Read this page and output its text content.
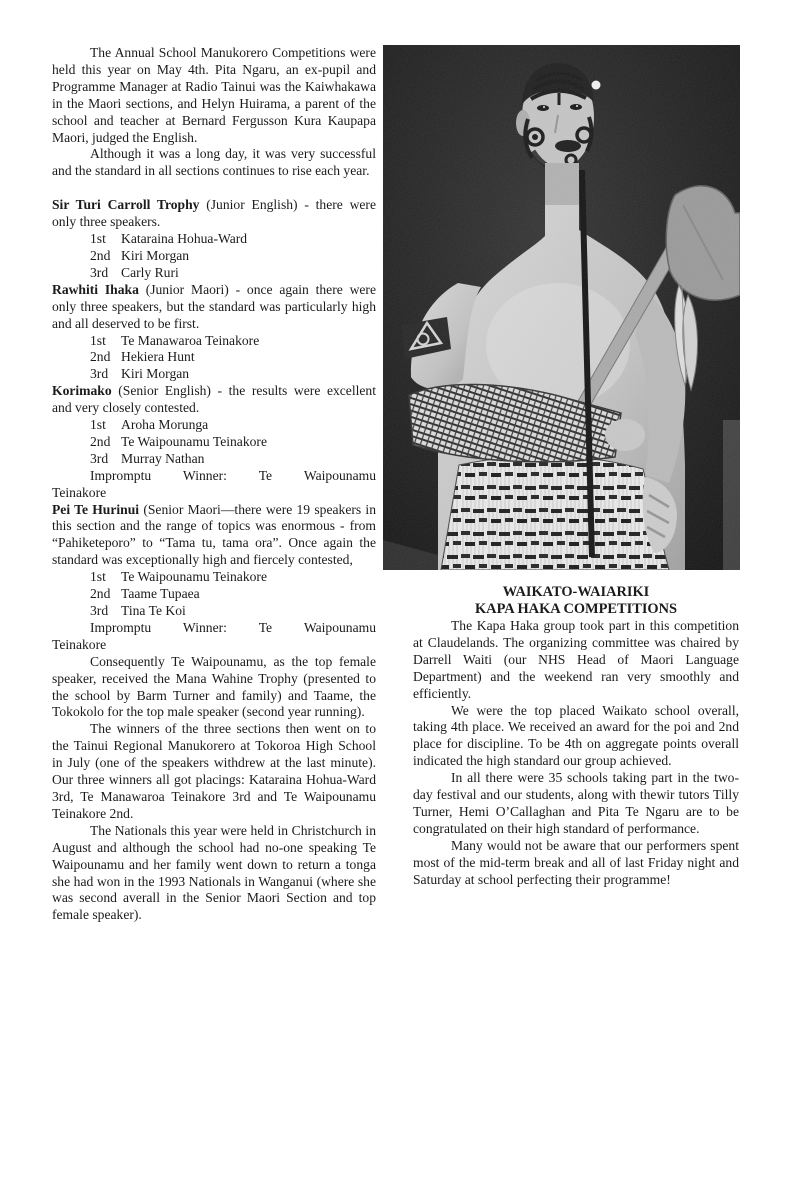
The Annual School Manukorero Competitions were held this year on May 4th. Pita Ngaru, an ex-pupil and Programme Manager at Radio Tainui was the Kaiwhakawa in the Maori sections, and Helyn Huirama, a parent of the school and teacher at Bernard Fergusson Kura Kaupapa Maori, judged the English.

Although it was a long day, it was very successful and the standard in all sections continues to rise each year.

Sir Turi Carroll Trophy (Junior English) - there were only three speakers.

1st Kataraina Hohua-Ward
2nd Kiri Morgan
3rd Carly Ruri

Rawhiti Ihaka (Junior Maori) - once again there were only three speakers, but the standard was particularly high and all deserved to be first.

1st Te Manawaroa Teinakore
2nd Hekiera Hunt
3rd Kiri Morgan

Korimako (Senior English) - the results were excellent and very closely contested.

1st Aroha Morunga
2nd Te Waipounamu Teinakore
3rd Murray Nathan

Impromptu Winner: Te Waipounamu Teinakore

Pei Te Hurinui (Senior Maori—there were 19 speakers in this section and the range of topics was enormous - from “Pahiketeporo” to “Tama tu, tama ora”. Once again the standard was exceptionally high and fiercely contested,

1st Te Waipounamu Teinakore
2nd Taame Tupaea
3rd Tina Te Koi

Impromptu Winner: Te Waipounamu Teinakore

Consequently Te Waipounamu, as the top female speaker, received the Mana Wahine Trophy (presented to the school by Barm Turner and family) and Taame, the Tokokolo for the top male speaker (second year running).

The winners of the three sections then went on to the Tainui Regional Manukorero at Tokoroa High School in July (one of the speakers withdrew at the last minute). Our three winners all got placings: Kataraina Hohua-Ward 3rd, Te Manawaroa Teinakore 3rd and Te Waipounamu Teinakore 2nd.

The Nationals this year were held in Christchurch in August and although the school had no-one speaking Te Waipounamu and her family went down to return a tonga she had won in the 1993 Nationals in Wanganui (where she was second averall in the Senior Maori Section and top female speaker).

WAIKATO-WAIARIKI
KAPA HAKA COMPETITIONS

The Kapa Haka group took part in this competition at Claudelands. The organizing committee was chaired by Darrell Waiti (our NHS Head of Maori Language Department) and the weekend ran very smoothly and efficiently.

We were the top placed Waikato school overall, taking 4th place. We received an award for the poi and 2nd place for discipline. To be 4th on aggregate points overall indicated the high standard our group achieved.

In all there were 35 schools taking part in the two-day festival and our students, along with thewir tutors Tilly Turner, Hemi O’Callaghan and Pita Te Ngaru are to be congratulated on their high standard of performance.

Many would not be aware that our performers spent most of the mid-term break and all of last Friday night and Saturday at school perfecting their programme!
